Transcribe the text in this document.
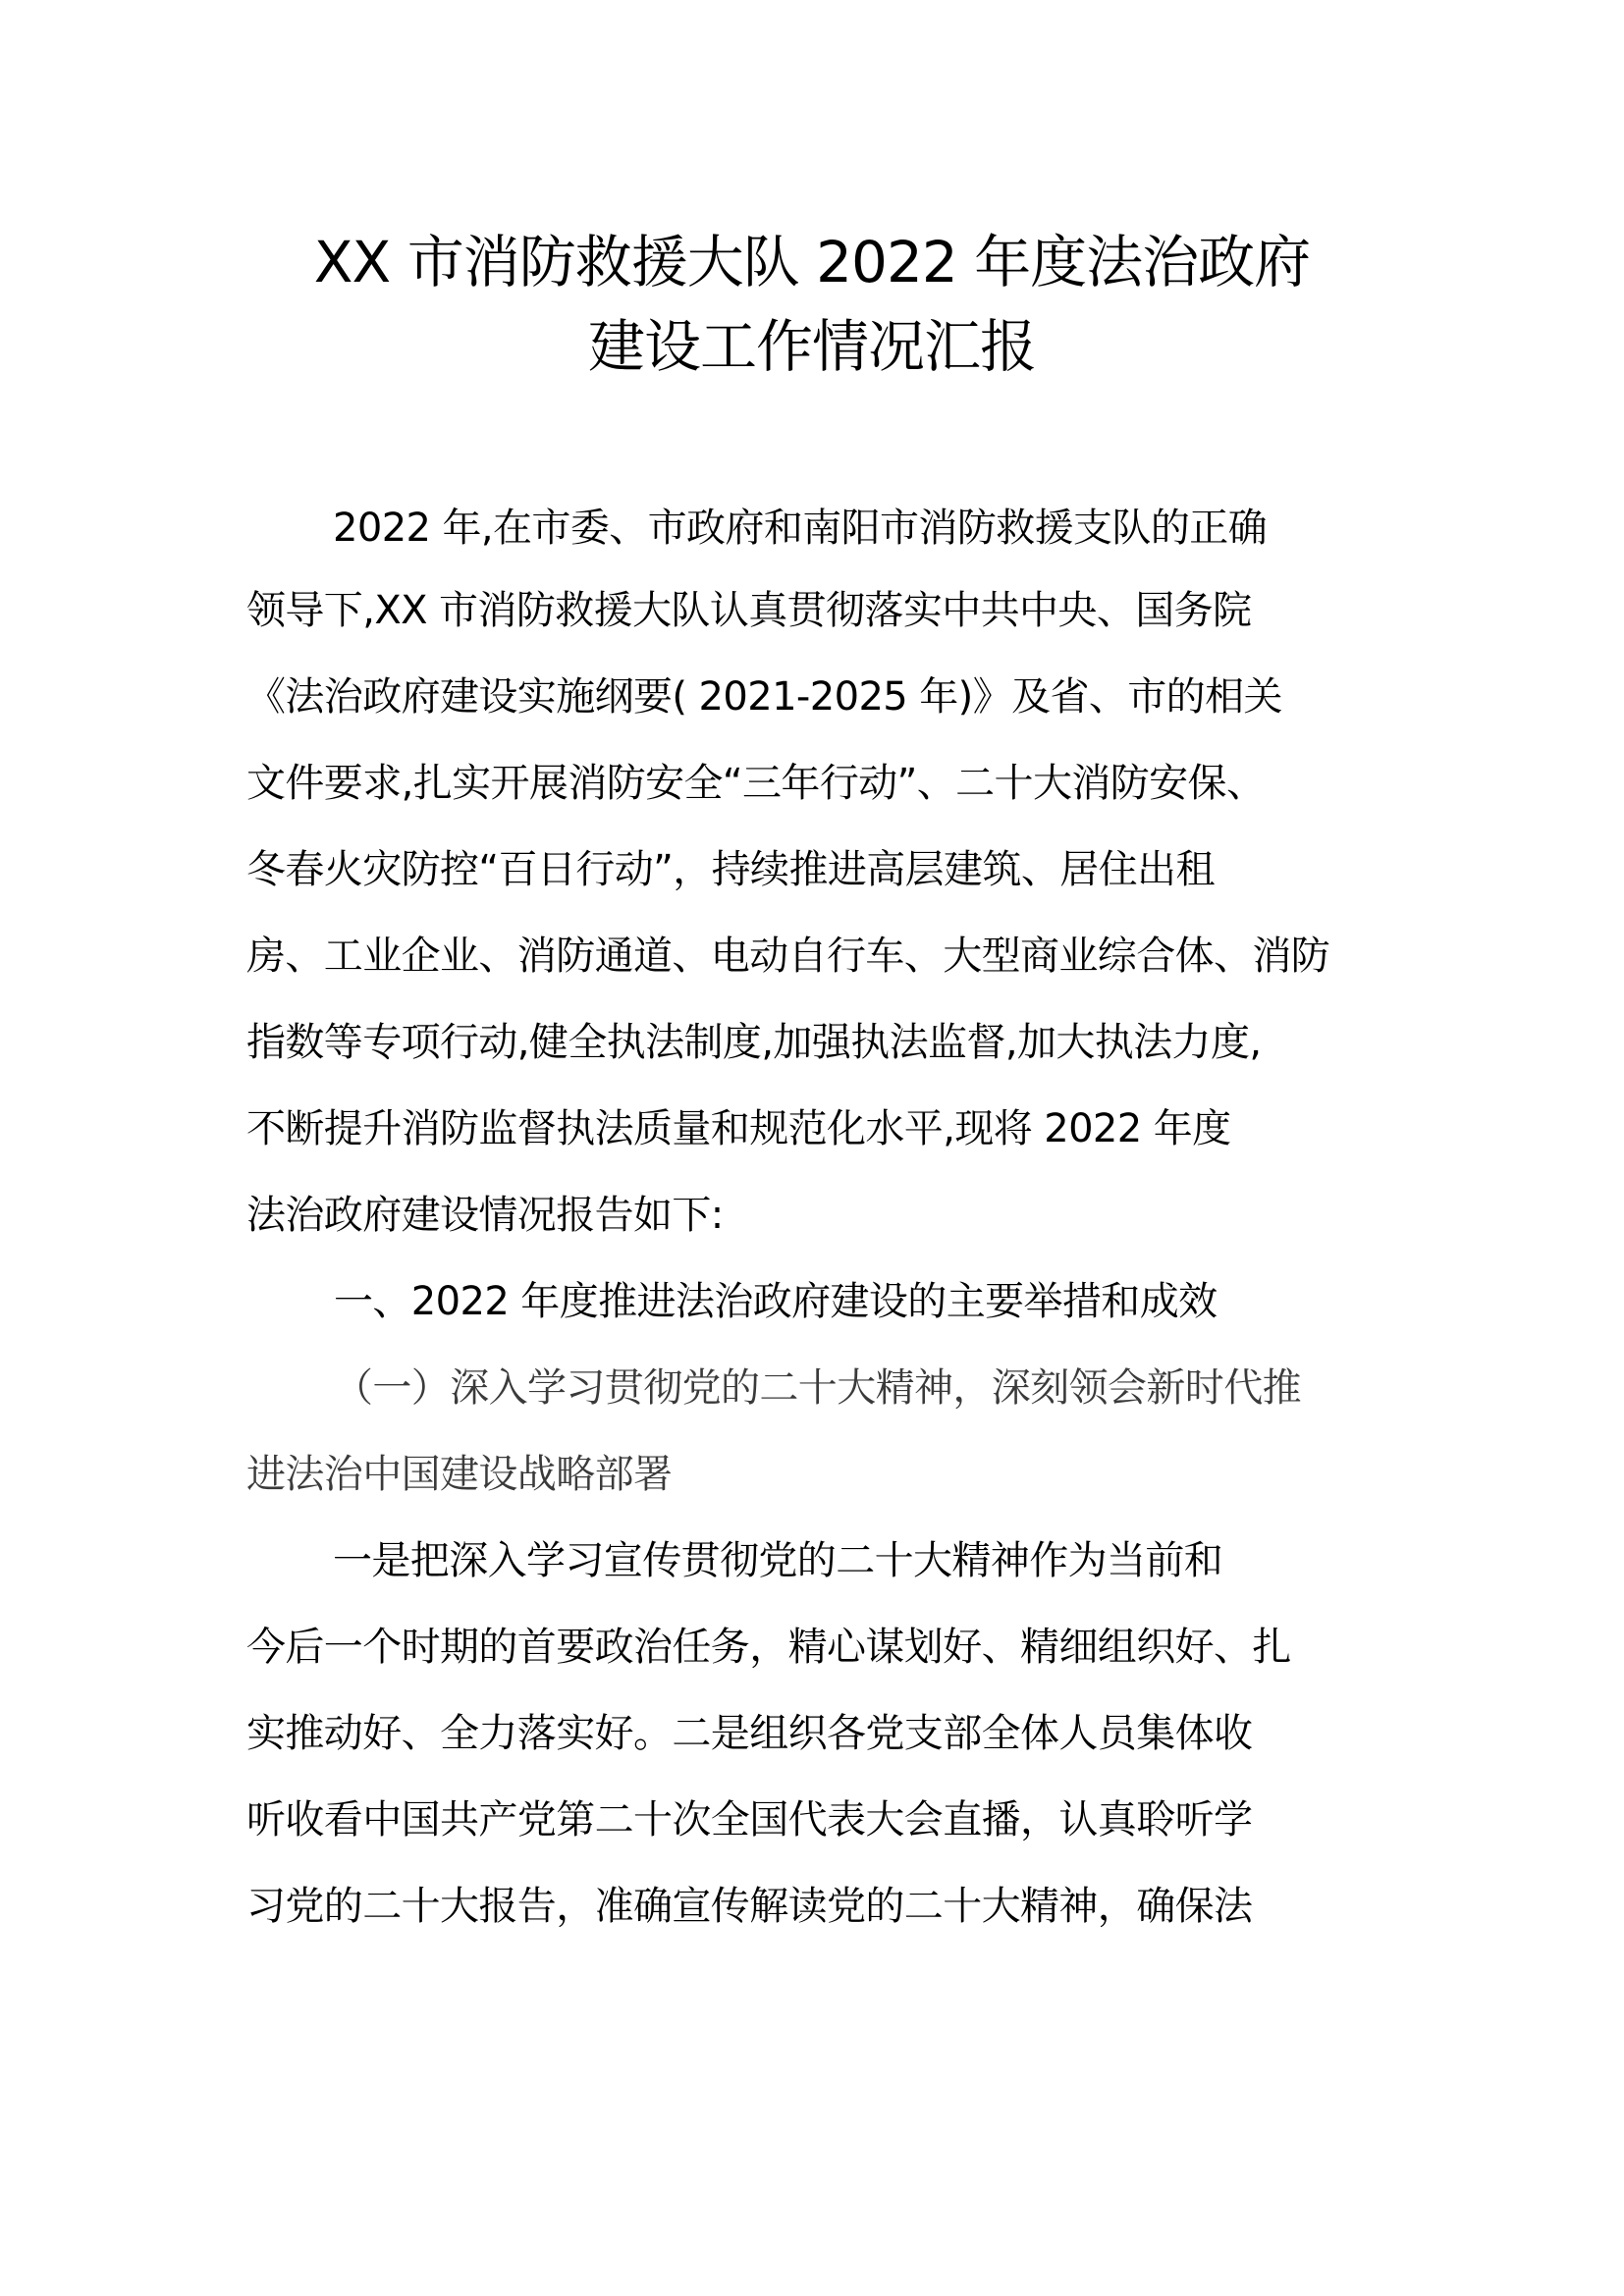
XX 市消防救援大队 2022 年度法治政府
建设工作情况汇报
2022 年,在市委、市政府和南阳市消防救援支队的正确
领导下,XX 市消防救援大队认真贯彻落实中共中央、国务院
《法治政府建设实施纲要( 2021-2025 年)》及省、市的相关
文件要求,扎实开展消防安全“三年行动”、二十大消防安保、
冬春火灾防控“百日行动”，持续推进高层建筑、居住出租
房、工业企业、消防通道、电动自行车、大型商业综合体、消防
指数等专项行动,健全执法制度,加强执法监督,加大执法力度,
不断提升消防监督执法质量和规范化水平,现将 2022 年度
法治政府建设情况报告如下:
一、2022 年度推进法治政府建设的主要举措和成效
（一）深入学习贯彻党的二十大精神，深刻领会新时代推
进法治中国建设战略部署
一是把深入学习宣传贯彻党的二十大精神作为当前和
今后一个时期的首要政治任务，精心谋划好、精细组织好、扎
实推动好、全力落实好。二是组织各党支部全体人员集体收
听收看中国共产党第二十次全国代表大会直播，认真聆听学
习党的二十大报告，准确宣传解读党的二十大精神，确保法
